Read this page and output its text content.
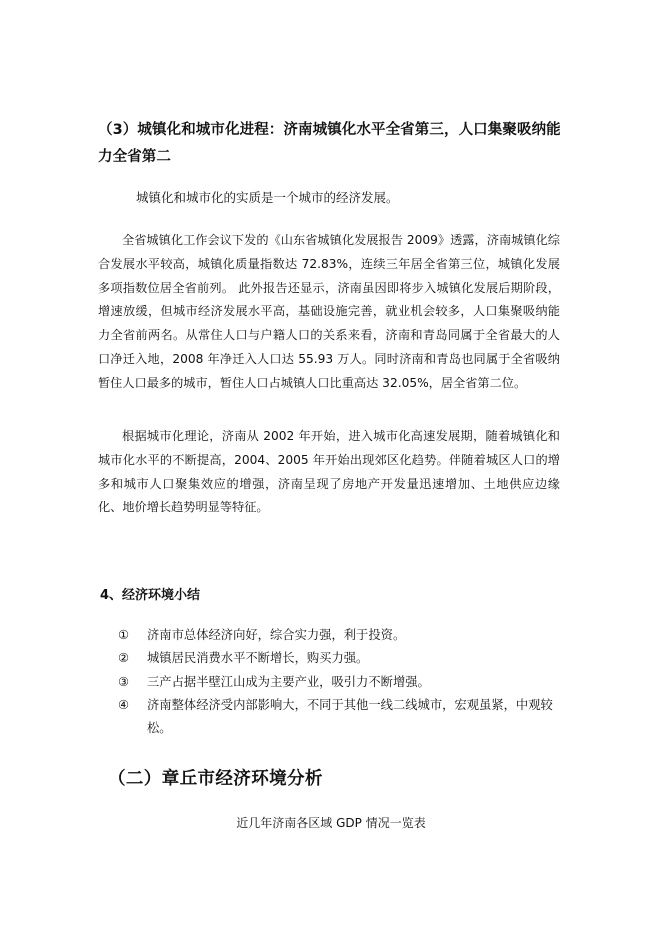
（3）城镇化和城市化进程：济南城镇化水平全省第三，人口集聚吸纳能力全省第二
城镇化和城市化的实质是一个城市的经济发展。

全省城镇化工作会议下发的《山东省城镇化发展报告 2009》透露，济南城镇化综合发展水平较高，城镇化质量指数达 72.83%，连续三年居全省第三位，城镇化发展多项指数位居全省前列。 此外报告还显示，济南虽因即将步入城镇化发展后期阶段，增速放缓，但城市经济发展水平高，基础设施完善，就业机会较多，人口集聚吸纳能力全省前两名。从常住人口与户籍人口的关系来看，济南和青岛同属于全省最大的人口净迁入地，2008 年净迁入人口达 55.93 万人。同时济南和青岛也同属于全省吸纳暂住人口最多的城市，暂住人口占城镇人口比重高达 32.05%，居全省第二位。

根据城市化理论，济南从 2002 年开始，进入城市化高速发展期，随着城镇化和城市化水平的不断提高，2004、2005 年开始出现郊区化趋势。伴随着城区人口的增多和城市人口聚集效应的增强，济南呈现了房地产开发量迅速增加、土地供应边缘化、地价增长趋势明显等特征。

4、经济环境小结
①	济南市总体经济向好，综合实力强，利于投资。
②	城镇居民消费水平不断增长，购买力强。
③	三产占据半壁江山成为主要产业，吸引力不断增强。
④	济南整体经济受内部影响大，不同于其他一线二线城市，宏观虽紧，中观较松。
（二）章丘市经济环境分析
近几年济南各区域 GDP 情况一览表
